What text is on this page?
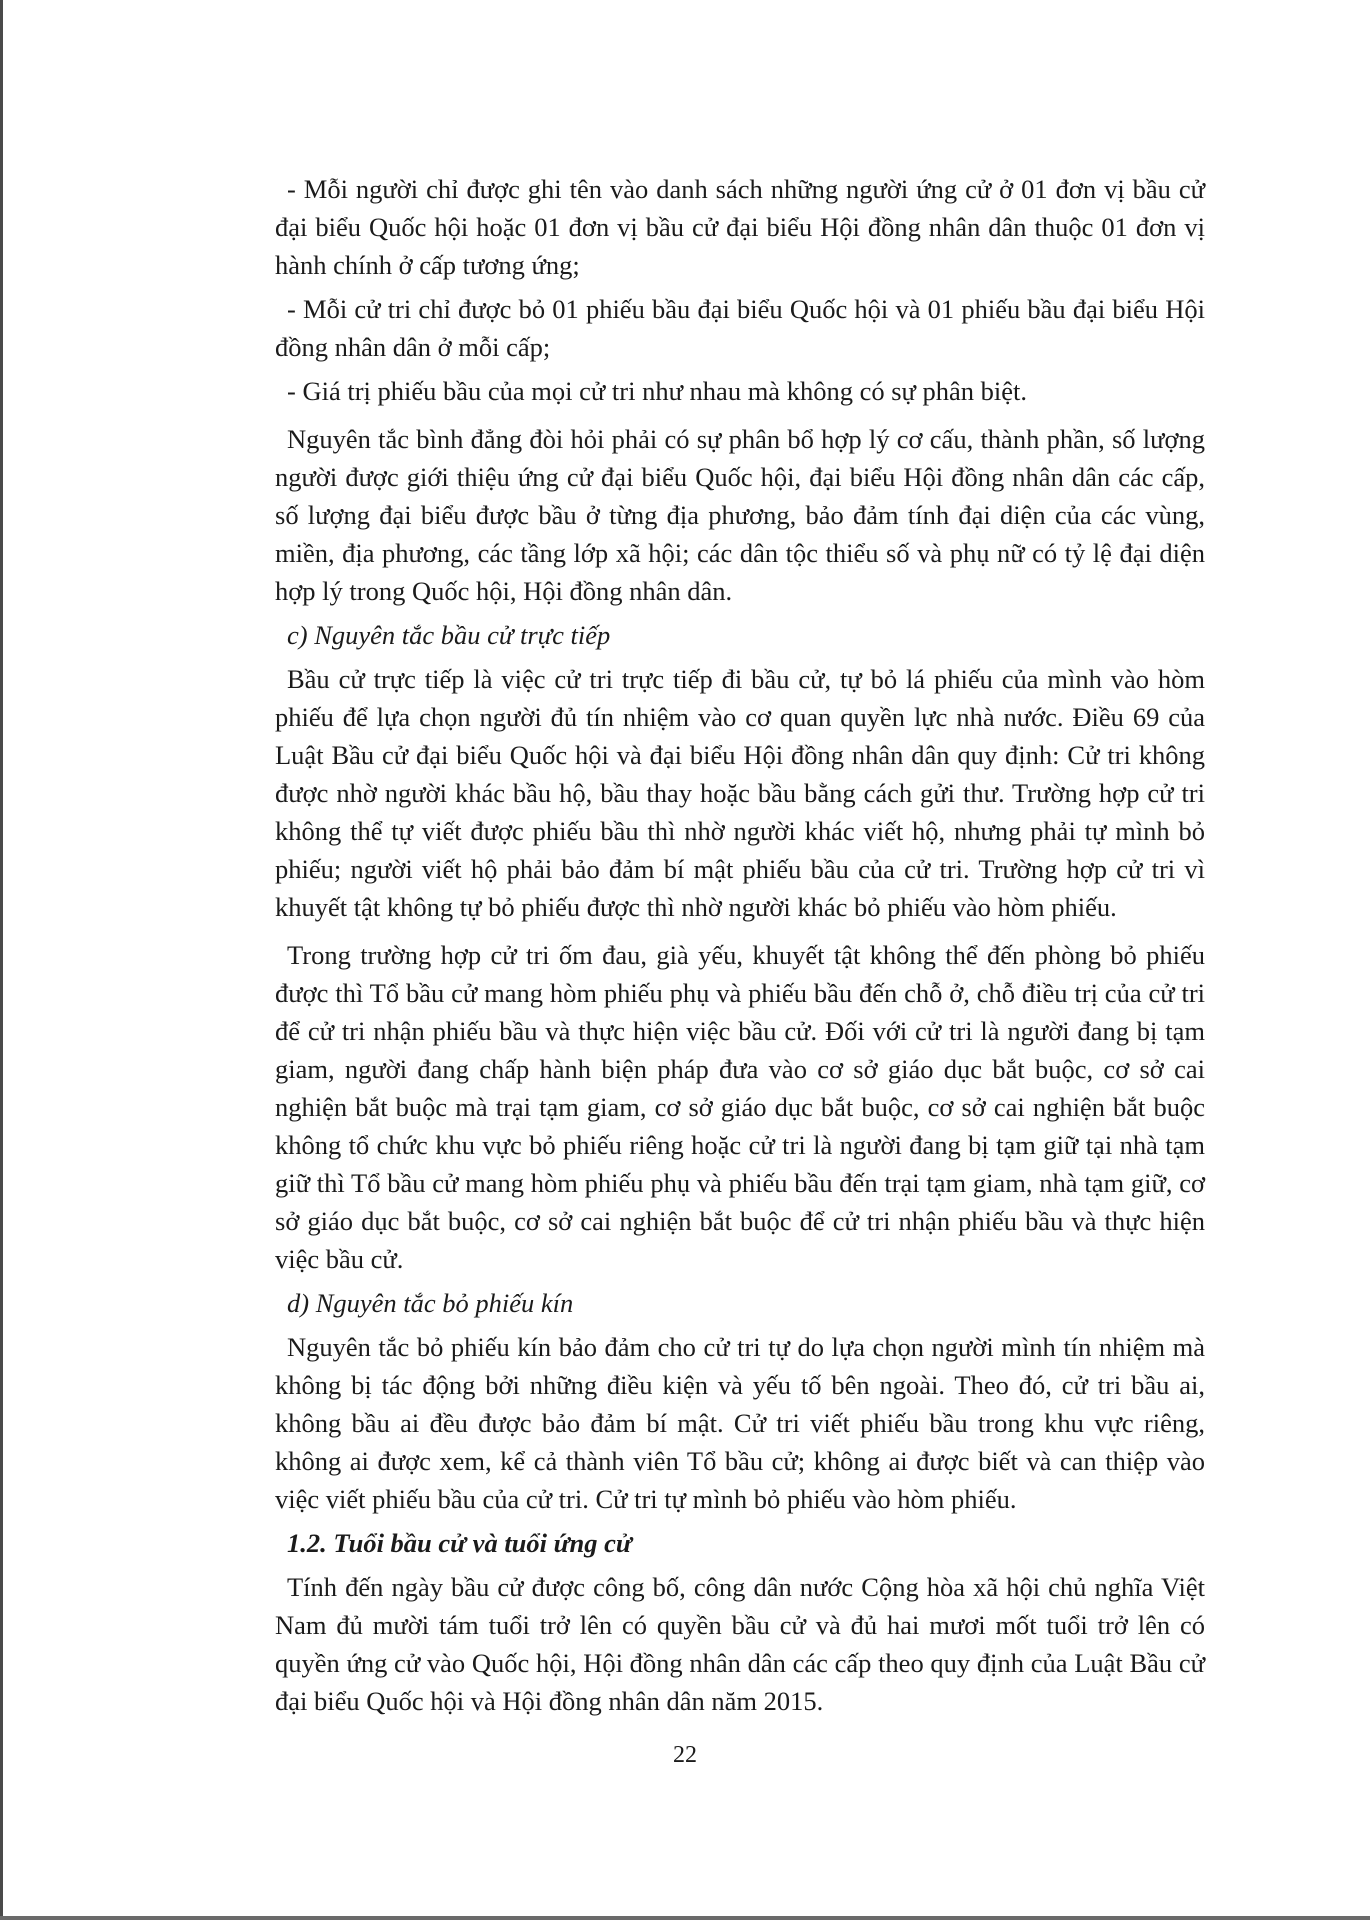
- Mỗi người chỉ được ghi tên vào danh sách những người ứng cử ở 01 đơn vị bầu cử đại biểu Quốc hội hoặc 01 đơn vị bầu cử đại biểu Hội đồng nhân dân thuộc 01 đơn vị hành chính ở cấp tương ứng;

- Mỗi cử tri chỉ được bỏ 01 phiếu bầu đại biểu Quốc hội và 01 phiếu bầu đại biểu Hội đồng nhân dân ở mỗi cấp;

- Giá trị phiếu bầu của mọi cử tri như nhau mà không có sự phân biệt.

Nguyên tắc bình đẳng đòi hỏi phải có sự phân bổ hợp lý cơ cấu, thành phần, số lượng người được giới thiệu ứng cử đại biểu Quốc hội, đại biểu Hội đồng nhân dân các cấp, số lượng đại biểu được bầu ở từng địa phương, bảo đảm tính đại diện của các vùng, miền, địa phương, các tầng lớp xã hội; các dân tộc thiểu số và phụ nữ có tỷ lệ đại diện hợp lý trong Quốc hội, Hội đồng nhân dân.

c) Nguyên tắc bầu cử trực tiếp

Bầu cử trực tiếp là việc cử tri trực tiếp đi bầu cử, tự bỏ lá phiếu của mình vào hòm phiếu để lựa chọn người đủ tín nhiệm vào cơ quan quyền lực nhà nước. Điều 69 của Luật Bầu cử đại biểu Quốc hội và đại biểu Hội đồng nhân dân quy định: Cử tri không được nhờ người khác bầu hộ, bầu thay hoặc bầu bằng cách gửi thư. Trường hợp cử tri không thể tự viết được phiếu bầu thì nhờ người khác viết hộ, nhưng phải tự mình bỏ phiếu; người viết hộ phải bảo đảm bí mật phiếu bầu của cử tri. Trường hợp cử tri vì khuyết tật không tự bỏ phiếu được thì nhờ người khác bỏ phiếu vào hòm phiếu.

Trong trường hợp cử tri ốm đau, già yếu, khuyết tật không thể đến phòng bỏ phiếu được thì Tổ bầu cử mang hòm phiếu phụ và phiếu bầu đến chỗ ở, chỗ điều trị của cử tri để cử tri nhận phiếu bầu và thực hiện việc bầu cử. Đối với cử tri là người đang bị tạm giam, người đang chấp hành biện pháp đưa vào cơ sở giáo dục bắt buộc, cơ sở cai nghiện bắt buộc mà trại tạm giam, cơ sở giáo dục bắt buộc, cơ sở cai nghiện bắt buộc không tổ chức khu vực bỏ phiếu riêng hoặc cử tri là người đang bị tạm giữ tại nhà tạm giữ thì Tổ bầu cử mang hòm phiếu phụ và phiếu bầu đến trại tạm giam, nhà tạm giữ, cơ sở giáo dục bắt buộc, cơ sở cai nghiện bắt buộc để cử tri nhận phiếu bầu và thực hiện việc bầu cử.

d) Nguyên tắc bỏ phiếu kín

Nguyên tắc bỏ phiếu kín bảo đảm cho cử tri tự do lựa chọn người mình tín nhiệm mà không bị tác động bởi những điều kiện và yếu tố bên ngoài. Theo đó, cử tri bầu ai, không bầu ai đều được bảo đảm bí mật. Cử tri viết phiếu bầu trong khu vực riêng, không ai được xem, kể cả thành viên Tổ bầu cử; không ai được biết và can thiệp vào việc viết phiếu bầu của cử tri. Cử tri tự mình bỏ phiếu vào hòm phiếu.

1.2. Tuổi bầu cử và tuổi ứng cử

Tính đến ngày bầu cử được công bố, công dân nước Cộng hòa xã hội chủ nghĩa Việt Nam đủ mười tám tuổi trở lên có quyền bầu cử và đủ hai mươi mốt tuổi trở lên có quyền ứng cử vào Quốc hội, Hội đồng nhân dân các cấp theo quy định của Luật Bầu cử đại biểu Quốc hội và Hội đồng nhân dân năm 2015.

22
